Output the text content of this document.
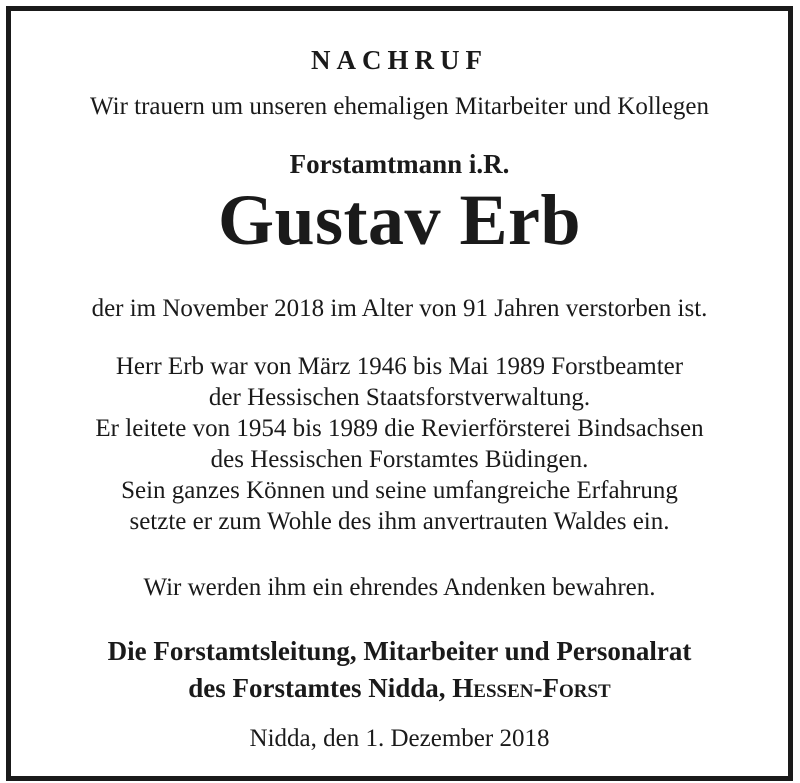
NACHRUF
Wir trauern um unseren ehemaligen Mitarbeiter und Kollegen
Forstamtmann i.R.
Gustav Erb
der im November 2018 im Alter von 91 Jahren verstorben ist.
Herr Erb war von März 1946 bis Mai 1989 Forstbeamter
der Hessischen Staatsforstverwaltung.
Er leitete von 1954 bis 1989 die Revierförsterei Bindsachsen
des Hessischen Forstamtes Büdingen.
Sein ganzes Können und seine umfangreiche Erfahrung
setzte er zum Wohle des ihm anvertrauten Waldes ein.
Wir werden ihm ein ehrendes Andenken bewahren.
Die Forstamtsleitung, Mitarbeiter und Personalrat
des Forstamtes Nidda, Hessen-Forst
Nidda, den 1. Dezember 2018
